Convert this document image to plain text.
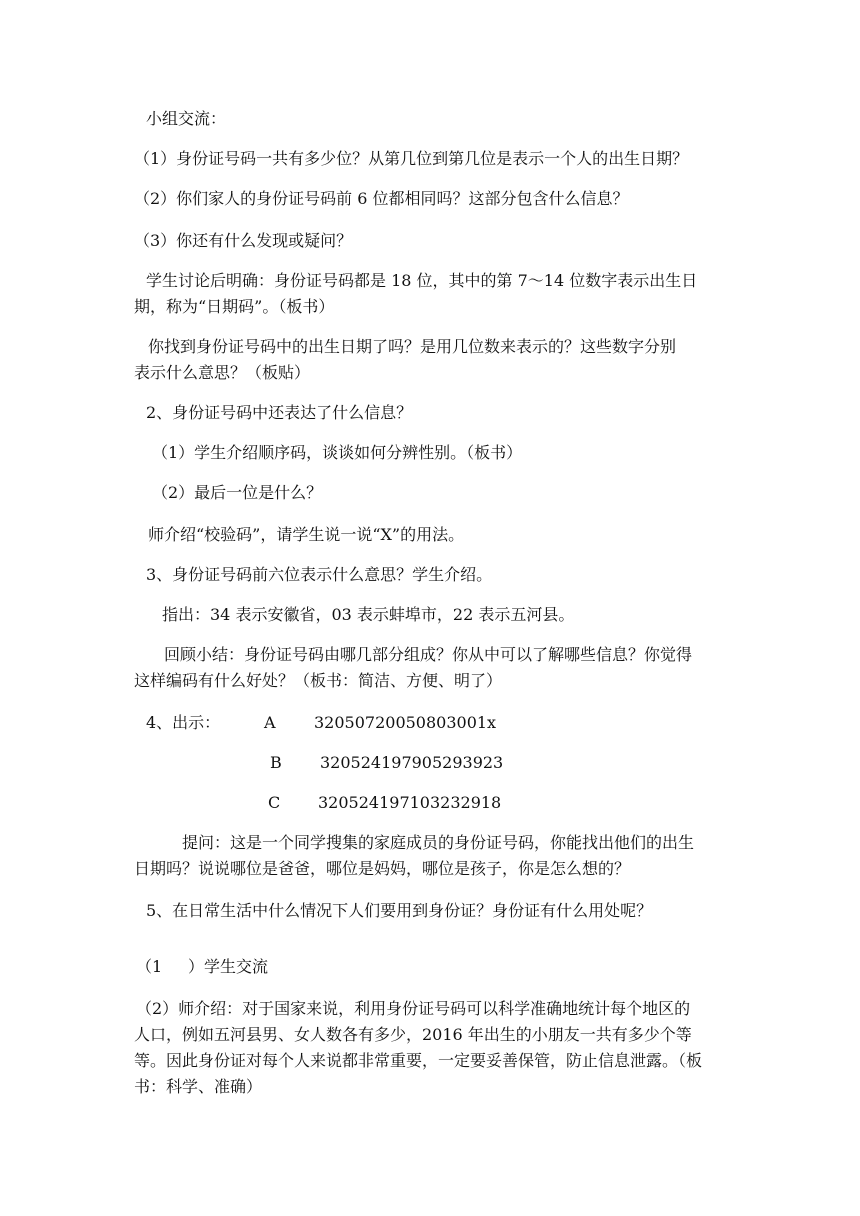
小组交流：
（1）身份证号码一共有多少位？从第几位到第几位是表示一个人的出生日期？
（2）你们家人的身份证号码前 6 位都相同吗？这部分包含什么信息？
（3）你还有什么发现或疑问？
学生讨论后明确：身份证号码都是 18 位，其中的第 7～14 位数字表示出生日
期，称为“日期码”。（板书）
你找到身份证号码中的出生日期了吗？是用几位数来表示的？这些数字分别
表示什么意思？（板贴）
2、身份证号码中还表达了什么信息？
（1）学生介绍顺序码，谈谈如何分辨性别。（板书）
（2）最后一位是什么？
师介绍“校验码”，请学生说一说“X”的用法。
3、身份证号码前六位表示什么意思？学生介绍。
指出：34 表示安徽省，03 表示蚌埠市，22 表示五河县。
回顾小结：身份证号码由哪几部分组成？你从中可以了解哪些信息？你觉得
这样编码有什么好处？（板书：简洁、方便、明了）
4、出示：	A 32050720050803001x
B 320524197905293923
C 320524197103232918
提问：这是一个同学搜集的家庭成员的身份证号码，你能找出他们的出生
日期吗？说说哪位是爸爸，哪位是妈妈，哪位是孩子，你是怎么想的？
5、在日常生活中什么情况下人们要用到身份证？身份证有什么用处呢？
（1 ）学生交流
（2）师介绍：对于国家来说，利用身份证号码可以科学准确地统计每个地区的
人口，例如五河县男、女人数各有多少，2016 年出生的小朋友一共有多少个等
等。因此身份证对每个人来说都非常重要，一定要妥善保管，防止信息泄露。（板
书：科学、准确）
